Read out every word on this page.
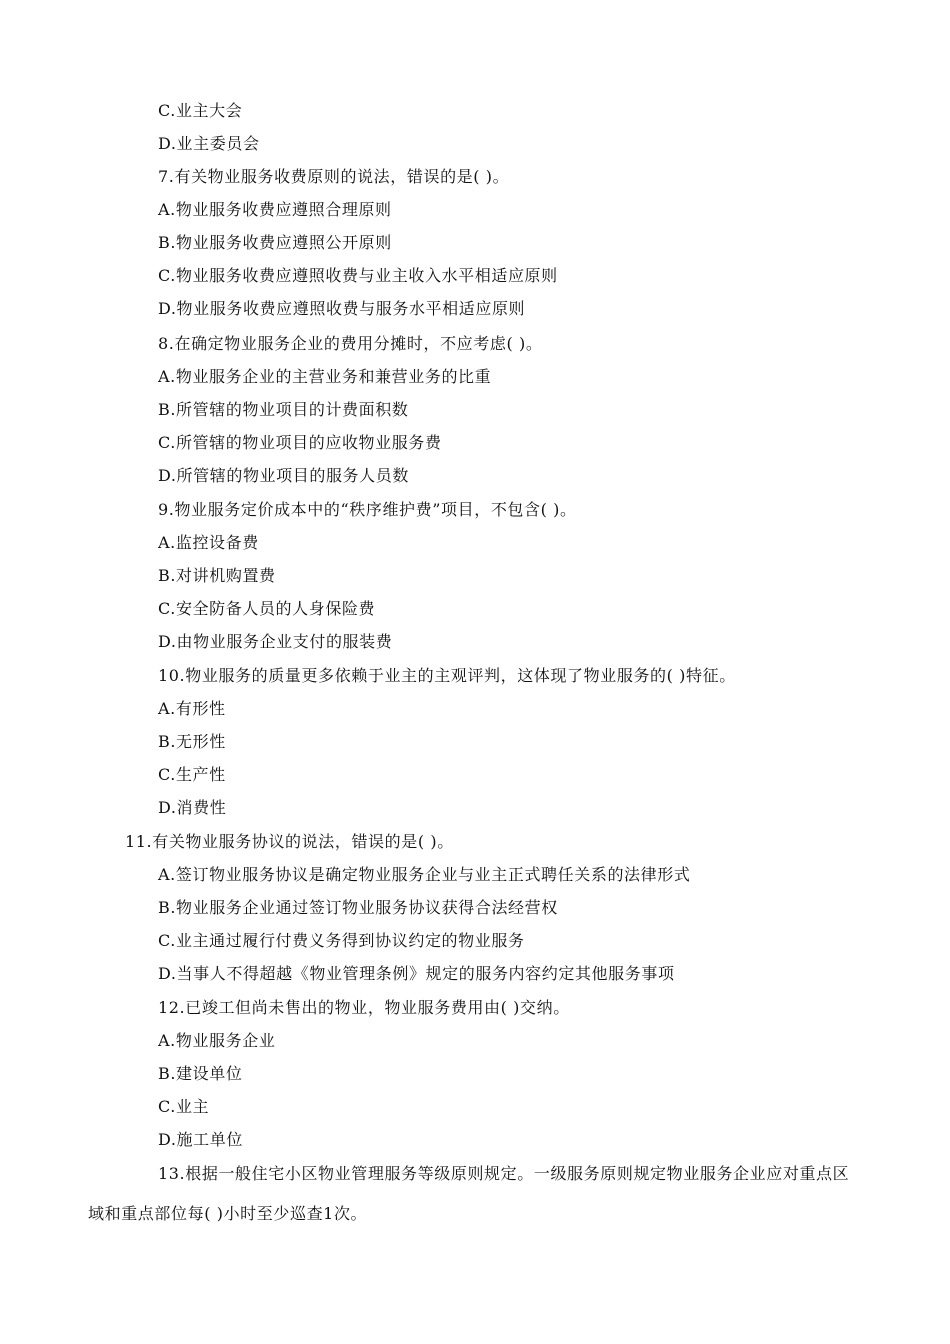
C.业主大会
D.业主委员会
7.有关物业服务收费原则的说法，错误的是( )。
A.物业服务收费应遵照合理原则
B.物业服务收费应遵照公开原则
C.物业服务收费应遵照收费与业主收入水平相适应原则
D.物业服务收费应遵照收费与服务水平相适应原则
8.在确定物业服务企业的费用分摊时，不应考虑( )。
A.物业服务企业的主营业务和兼营业务的比重
B.所管辖的物业项目的计费面积数
C.所管辖的物业项目的应收物业服务费
D.所管辖的物业项目的服务人员数
9.物业服务定价成本中的“秩序维护费”项目，不包含( )。
A.监控设备费
B.对讲机购置费
C.安全防备人员的人身保险费
D.由物业服务企业支付的服装费
10.物业服务的质量更多依赖于业主的主观评判，这体现了物业服务的( )特征。
A.有形性
B.无形性
C.生产性
D.消费性
11.有关物业服务协议的说法，错误的是( )。
A.签订物业服务协议是确定物业服务企业与业主正式聘任关系的法律形式
B.物业服务企业通过签订物业服务协议获得合法经营权
C.业主通过履行付费义务得到协议约定的物业服务
D.当事人不得超越《物业管理条例》规定的服务内容约定其他服务事项
12.已竣工但尚未售出的物业，物业服务费用由( )交纳。
A.物业服务企业
B.建设单位
C.业主
D.施工单位
13.根据一般住宅小区物业管理服务等级原则规定。一级服务原则规定物业服务企业应对重点区
域和重点部位每( )小时至少巡查1次。
